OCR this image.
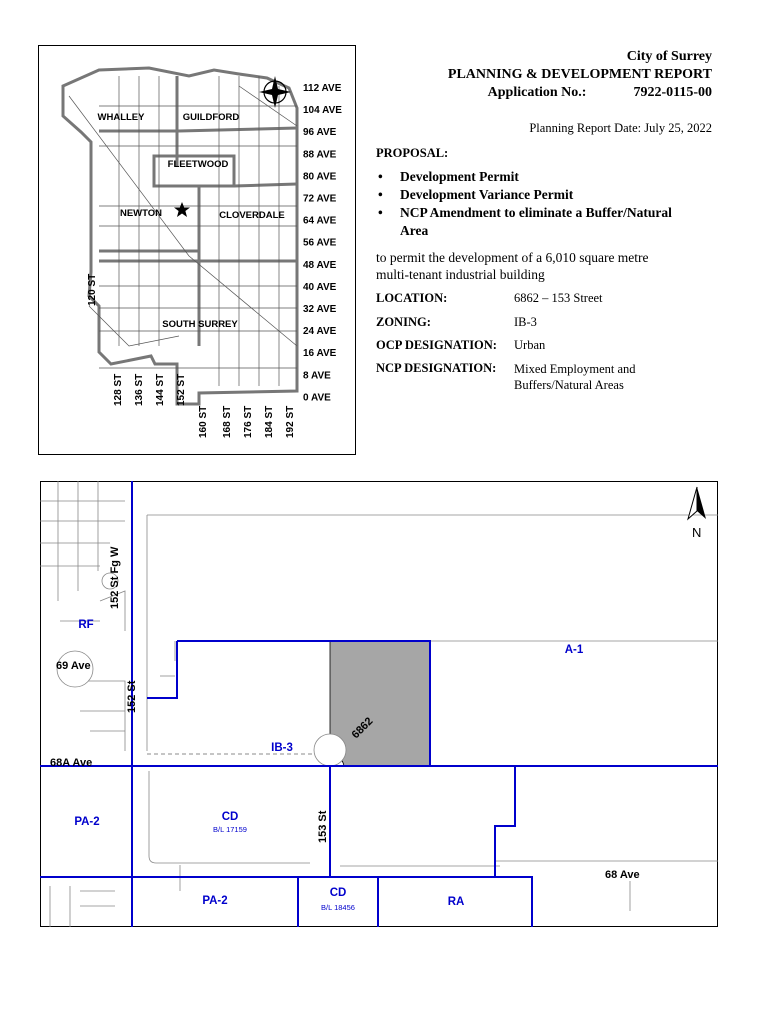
WHALLEY	GUILDFORD
FLEETWOOD
NEWTON	CLOVERDALE
SOUTH SURREY
112 AVE
104 AVE
96 AVE
88 AVE
80 AVE
72 AVE
64 AVE
56 AVE
48 AVE
40 AVE
32 AVE
24 AVE
16 AVE
8 AVE
0 AVE
128 ST 136 ST 144 ST 152 ST
160 ST 168 ST 176 ST 184 ST 192 ST
120 ST
City of Surrey
PLANNING & DEVELOPMENT REPORT
Application No.:	7922-0115-00
Planning Report Date: July 25, 2022
PROPOSAL:
• Development Permit
• Development Variance Permit
• NCP Amendment to eliminate a Buffer/Natural
Area
to permit the development of a 6,010 square metre
multi-tenant industrial building
LOCATION:	6862 – 153 Street
ZONING:	IB-3
OCP DESIGNATION: Urban
NCP DESIGNATION: Mixed Employment and
Buffers/Natural Areas
N
152 St Fg W
69 Ave
152 St
68A Ave
153 St
68 Ave
6862
RF
A-1
IB-3
PA-2	CD
B/L 17159
PA-2
CD
B/L 18456	RA
